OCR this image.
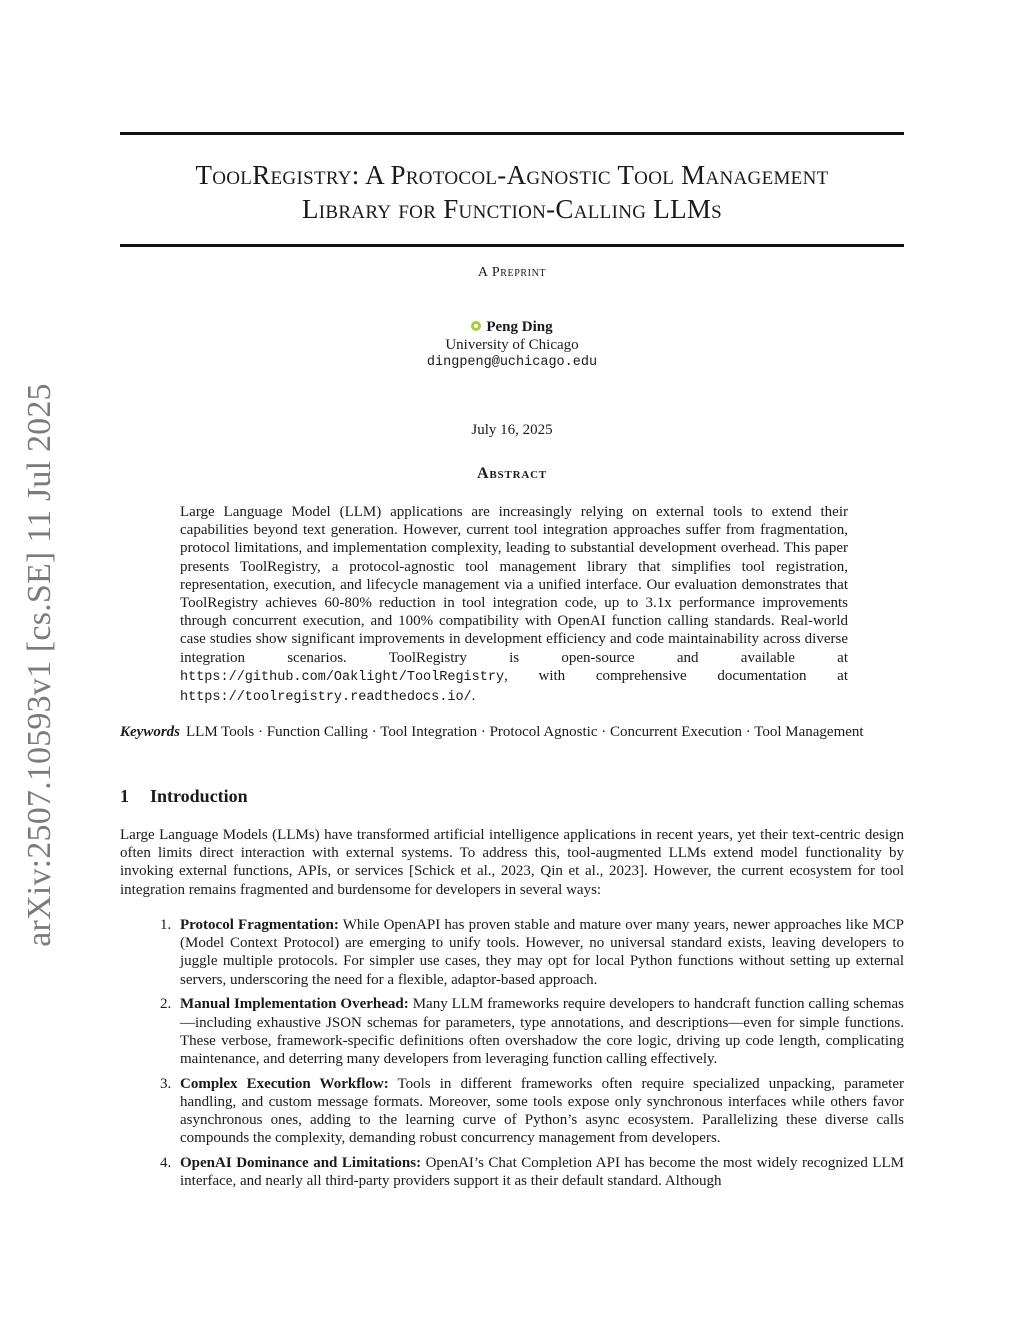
arXiv:2507.10593v1 [cs.SE] 11 Jul 2025
ToolRegistry: A Protocol-Agnostic Tool Management
Library for Function-Calling LLMs
A Preprint
Peng Ding
University of Chicago
dingpeng@uchicago.edu
July 16, 2025
Abstract
Large Language Model (LLM) applications are increasingly relying on external tools to extend their capabilities beyond text generation. However, current tool integration approaches suffer from fragmentation, protocol limitations, and implementation complexity, leading to substantial development overhead. This paper presents ToolRegistry, a protocol-agnostic tool management library that simplifies tool registration, representation, execution, and lifecycle management via a unified interface. Our evaluation demonstrates that ToolRegistry achieves 60-80% reduction in tool integration code, up to 3.1x performance improvements through concurrent execution, and 100% compatibility with OpenAI function calling standards. Real-world case studies show significant improvements in development efficiency and code maintainability across diverse integration scenarios. ToolRegistry is open-source and available at https://github.com/Oaklight/ToolRegistry, with comprehensive documentation at https://toolregistry.readthedocs.io/.
Keywords LLM Tools · Function Calling · Tool Integration · Protocol Agnostic · Concurrent Execution · Tool Management
1 Introduction

Large Language Models (LLMs) have transformed artificial intelligence applications in recent years, yet their text-centric design often limits direct interaction with external systems. To address this, tool-augmented LLMs extend model functionality by invoking external functions, APIs, or services [Schick et al., 2023, Qin et al., 2023]. However, the current ecosystem for tool integration remains fragmented and burdensome for developers in several ways:

1. Protocol Fragmentation: While OpenAPI has proven stable and mature over many years, newer approaches like MCP (Model Context Protocol) are emerging to unify tools. However, no universal standard exists, leaving developers to juggle multiple protocols. For simpler use cases, they may opt for local Python functions without setting up external servers, underscoring the need for a flexible, adaptor-based approach.
2. Manual Implementation Overhead: Many LLM frameworks require developers to handcraft function calling schemas—including exhaustive JSON schemas for parameters, type annotations, and descriptions—even for simple functions. These verbose, framework-specific definitions often overshadow the core logic, driving up code length, complicating maintenance, and deterring many developers from leveraging function calling effectively.
3. Complex Execution Workflow: Tools in different frameworks often require specialized unpacking, parameter handling, and custom message formats. Moreover, some tools expose only synchronous interfaces while others favor asynchronous ones, adding to the learning curve of Python’s async ecosystem. Parallelizing these diverse calls compounds the complexity, demanding robust concurrency management from developers.
4. OpenAI Dominance and Limitations: OpenAI’s Chat Completion API has become the most widely recognized LLM interface, and nearly all third-party providers support it as their default standard. Although
